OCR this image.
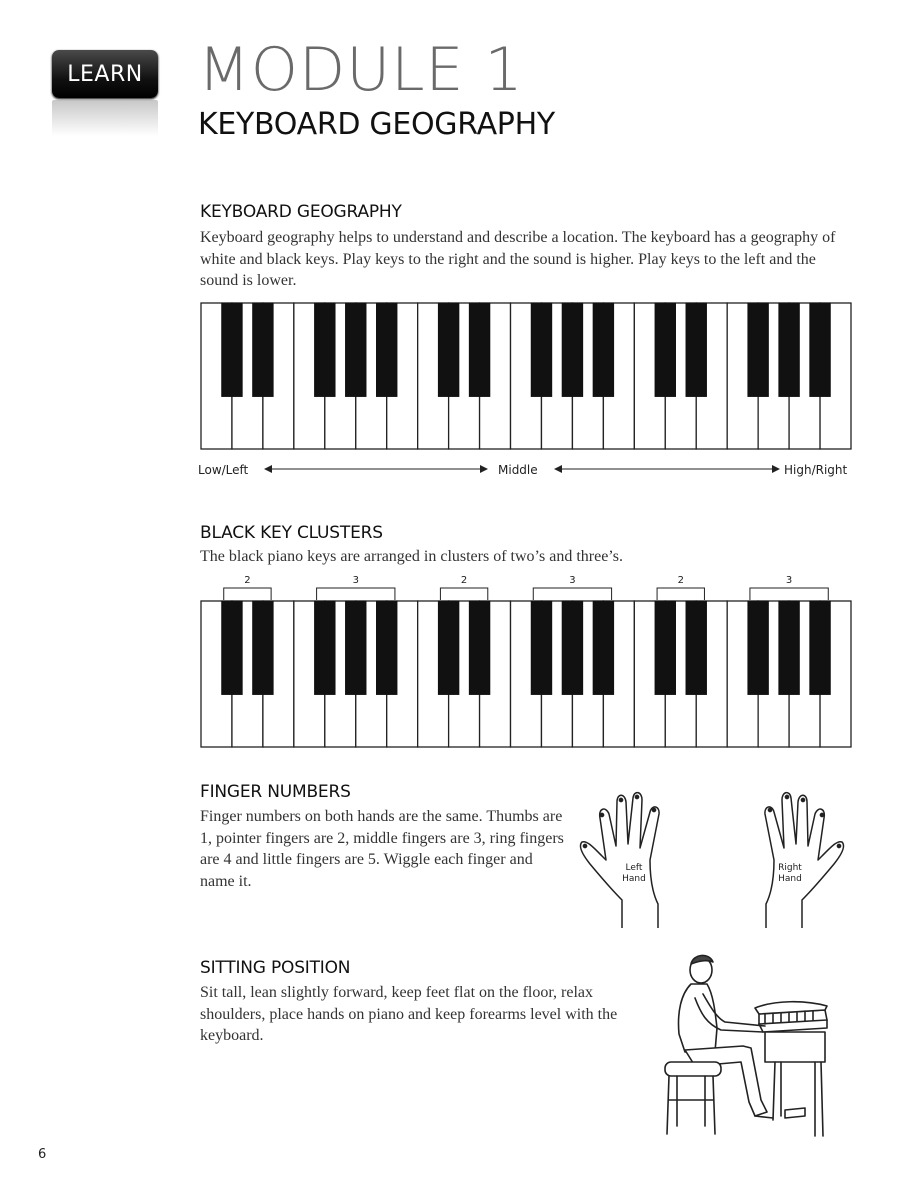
LEARN MODULE 1
KEYBOARD GEOGRAPHY
KEYBOARD GEOGRAPHY
Keyboard geography helps to understand and describe a location. The keyboard has a geography of white and black keys. Play keys to the right and the sound is higher. Play keys to the left and the sound is lower.
Low/Left	Middle	High/Right
BLACK KEY CLUSTERS
The black piano keys are arranged in clusters of two’s and three’s.
2	3	2	3	2	3
FINGER NUMBERS
Finger numbers on both hands are the same. Thumbs are 1, pointer fingers are 2, middle fingers are 3, ring fingers are 4 and little fingers are 5. Wiggle each finger and name it.
Left
Hand
Right
Hand
SITTING POSITION
Sit tall, lean slightly forward, keep feet flat on the floor, relax shoulders, place hands on piano and keep forearms level with the keyboard.
6
